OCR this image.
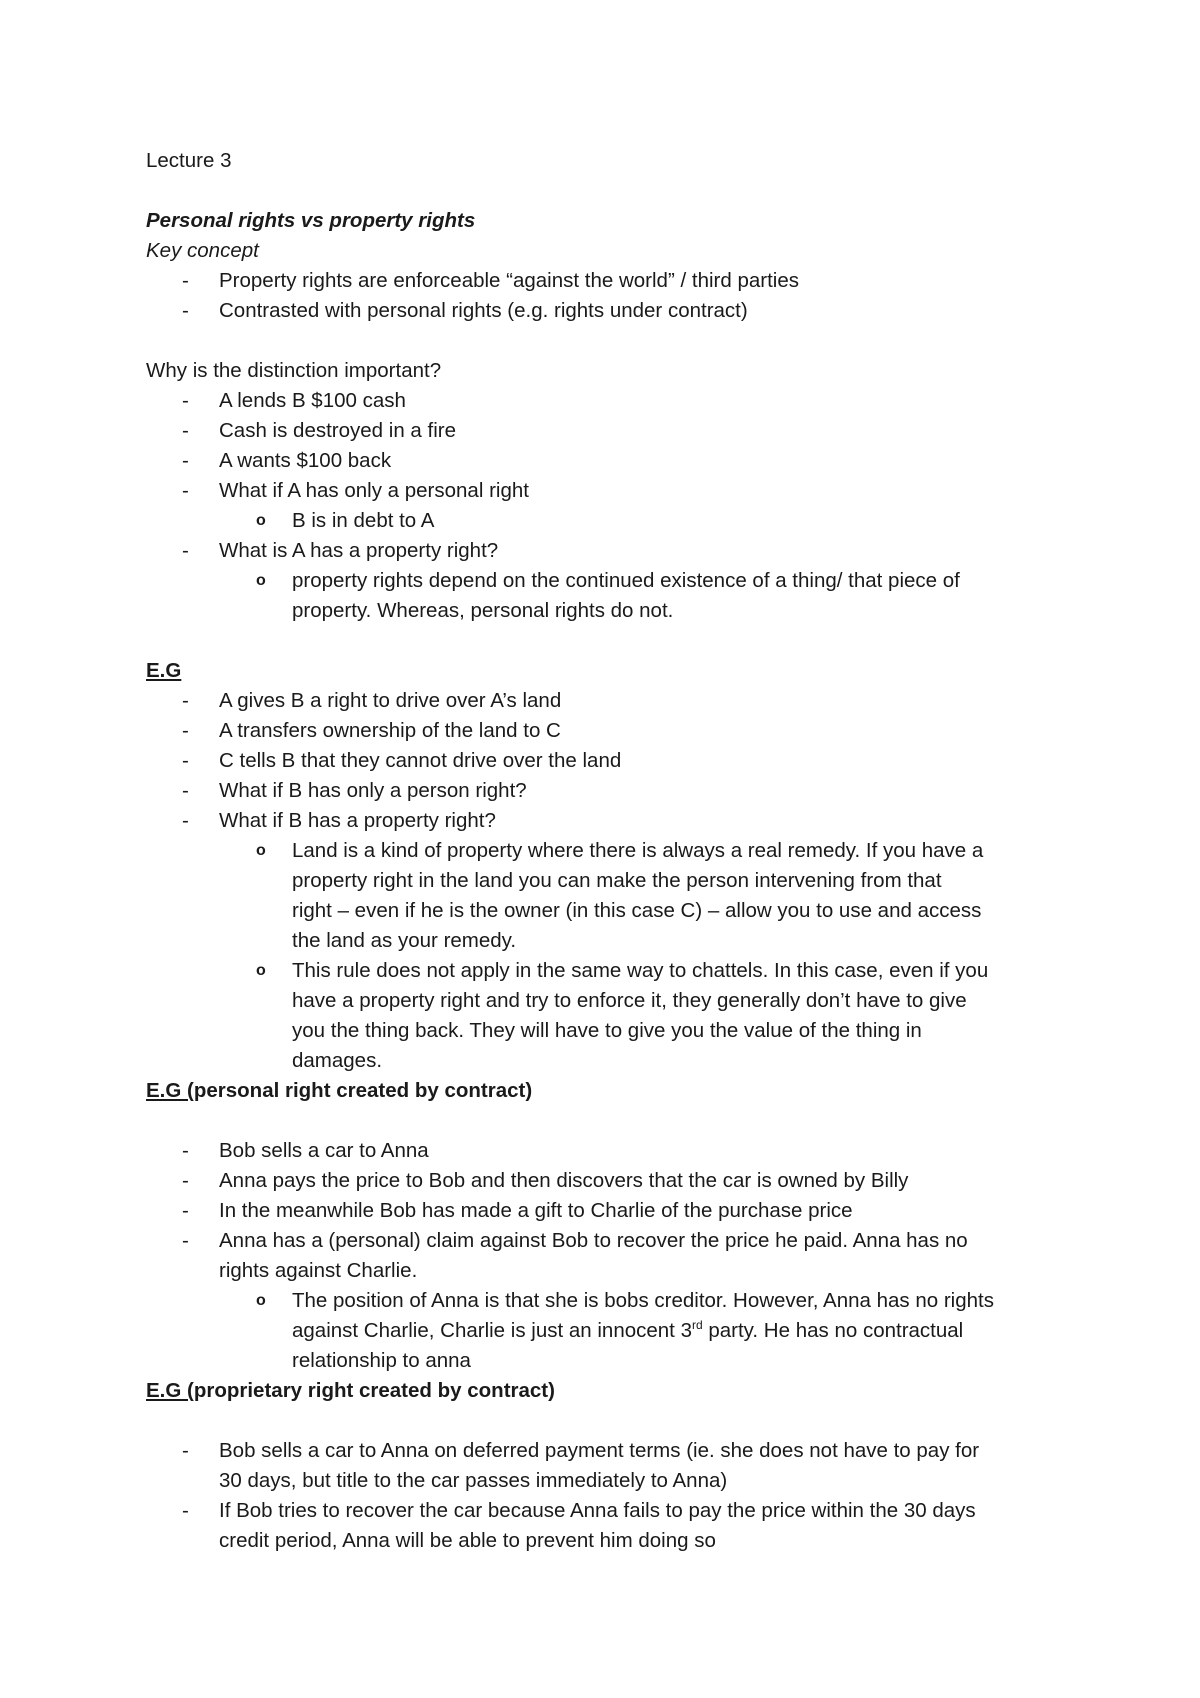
Lecture 3
Personal rights vs property rights
Key concept
- Property rights are enforceable “against the world” / third parties
- Contrasted with personal rights (e.g. rights under contract)
Why is the distinction important?
- A lends B $100 cash
- Cash is destroyed in a fire
- A wants $100 back
- What if A has only a personal right
o B is in debt to A
- What is A has a property right?
o property rights depend on the continued existence of a thing/ that piece of
property. Whereas, personal rights do not.
E.G
- A gives B a right to drive over A’s land
- A transfers ownership of the land to C
- C tells B that they cannot drive over the land
- What if B has only a person right?
- What if B has a property right?
o Land is a kind of property where there is always a real remedy. If you have a
property right in the land you can make the person intervening from that
right – even if he is the owner (in this case C) – allow you to use and access
the land as your remedy.
o This rule does not apply in the same way to chattels. In this case, even if you
have a property right and try to enforce it, they generally don’t have to give
you the thing back. They will have to give you the value of the thing in
damages.
E.G (personal right created by contract)
- Bob sells a car to Anna
- Anna pays the price to Bob and then discovers that the car is owned by Billy
- In the meanwhile Bob has made a gift to Charlie of the purchase price
- Anna has a (personal) claim against Bob to recover the price he paid. Anna has no
rights against Charlie.
o The position of Anna is that she is bobs creditor. However, Anna has no rights
against Charlie, Charlie is just an innocent 3rd party. He has no contractual
relationship to anna
E.G (proprietary right created by contract)
- Bob sells a car to Anna on deferred payment terms (ie. she does not have to pay for
30 days, but title to the car passes immediately to Anna)
- If Bob tries to recover the car because Anna fails to pay the price within the 30 days
credit period, Anna will be able to prevent him doing so
